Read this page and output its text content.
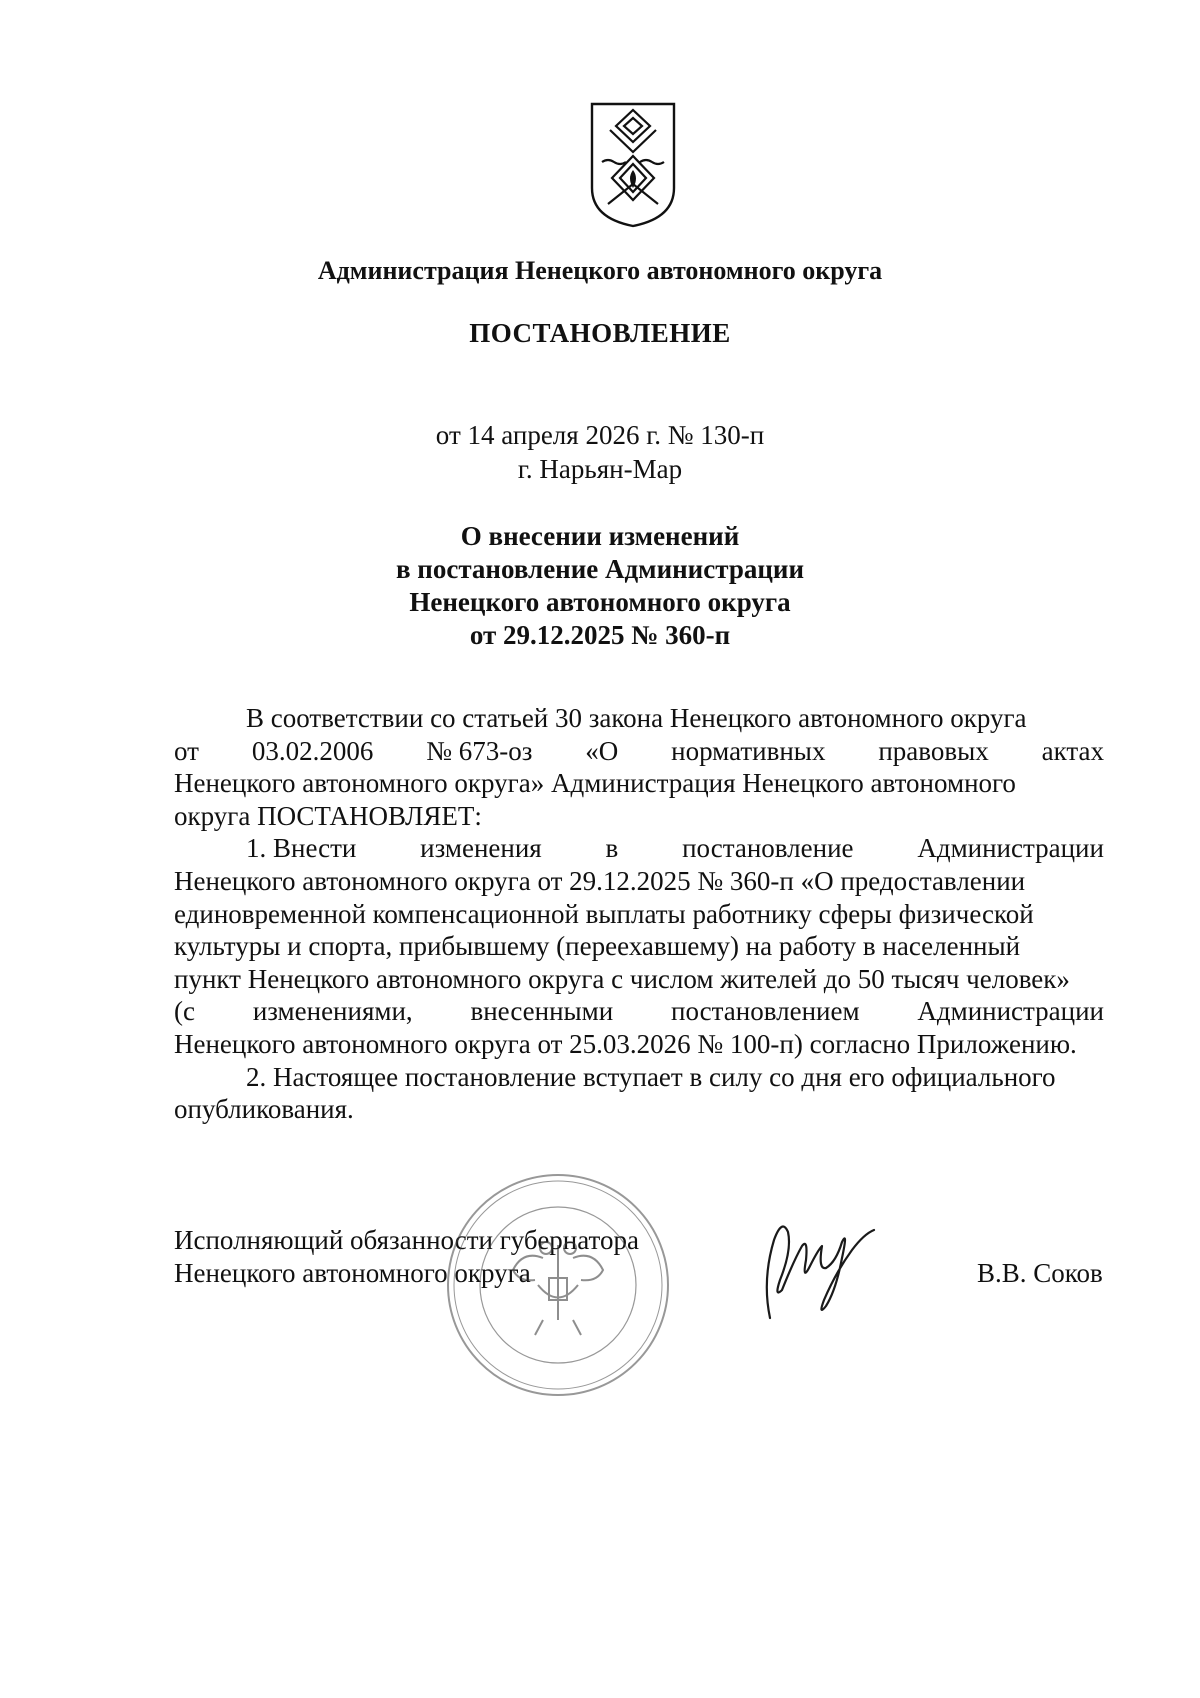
Администрация Ненецкого автономного округа
ПОСТАНОВЛЕНИЕ
от 14 апреля 2026 г. № 130-п
г. Нарьян-Мар
О внесении изменений
в постановление Администрации
Ненецкого автономного округа
от 29.12.2025 № 360-п
В соответствии со статьей 30 закона Ненецкого автономного округа
от 03.02.2006 № 673-оз «О нормативных правовых актах
Ненецкого автономного округа» Администрация Ненецкого автономного
округа ПОСТАНОВЛЯЕТ:
1. Внести изменения в постановление Администрации
Ненецкого автономного округа от 29.12.2025 № 360-п «О предоставлении
единовременной компенсационной выплаты работнику сферы физической
культуры и спорта, прибывшему (переехавшему) на работу в населенный
пункт Ненецкого автономного округа с числом жителей до 50 тысяч человек»
(с изменениями, внесенными постановлением Администрации
Ненецкого автономного округа от 25.03.2026 № 100-п) согласно Приложению.
2. Настоящее постановление вступает в силу со дня его официального
опубликования.
Исполняющий обязанности губернатора
Ненецкого автономного округа	В.В. Соков
